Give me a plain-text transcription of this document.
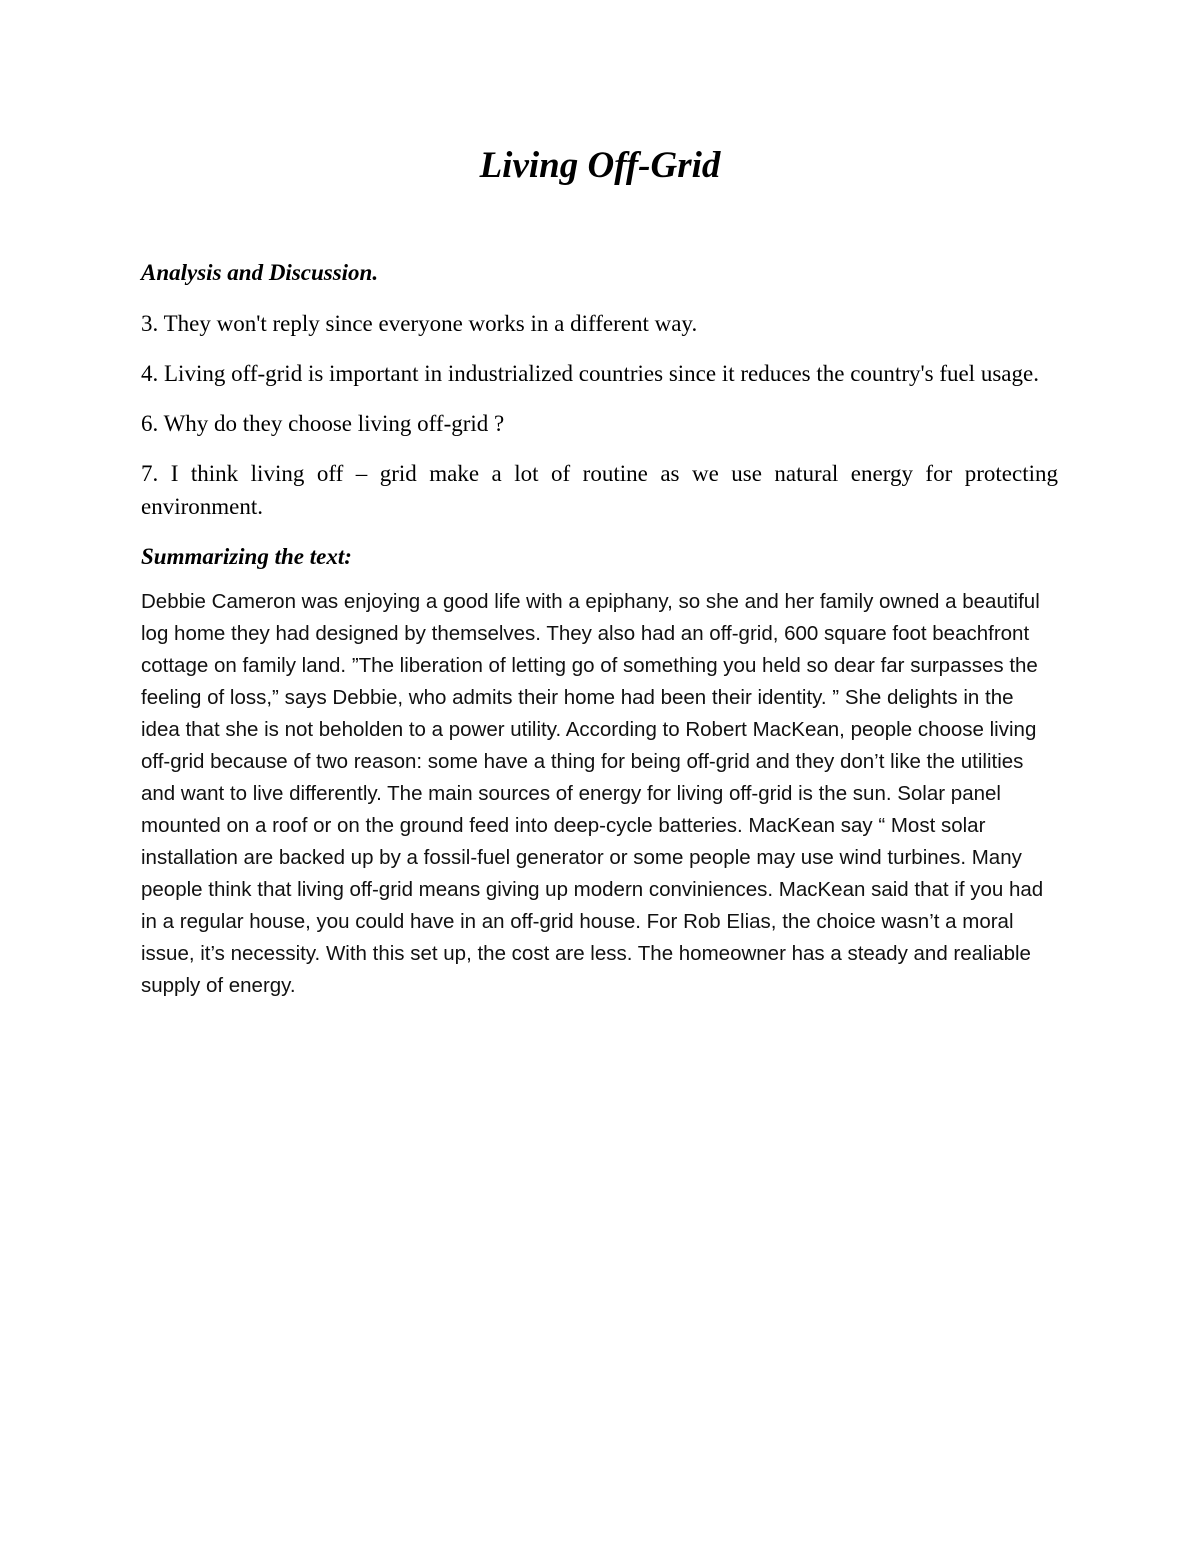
Living Off-Grid

Analysis and Discussion.

3. They won't reply since everyone works in a different way.

4. Living off-grid is important in industrialized countries since it reduces the country's fuel usage.

6. Why do they choose living off-grid ?

7. I think living off – grid make a lot of routine as we use natural energy for protecting environment.

Summarizing the text:

Debbie Cameron was enjoying a good life with a epiphany, so she and her family owned a beautiful log home they had designed by themselves. They also had an off-grid, 600 square foot beachfront cottage on family land. ”The liberation of letting go of something you held so dear far surpasses the feeling of loss,” says Debbie, who admits their home had been their identity. ” She delights in the idea that she is not beholden to a power utility. According to Robert MacKean, people choose living off-grid because of two reason: some have a thing for being off-grid and they don’t like the utilities and want to live differently. The main sources of energy for living off-grid is the sun. Solar panel mounted on a roof or on the ground feed into deep-cycle batteries. MacKean say “ Most solar installation are backed up by a fossil-fuel generator or some people may use wind turbines. Many people think that living off-grid means giving up modern conviniences. MacKean said that if you had in a regular house, you could have in an off-grid house. For Rob Elias, the choice wasn’t a moral issue, it’s necessity. With this set up, the cost are less. The homeowner has a steady and realiable supply of energy.
